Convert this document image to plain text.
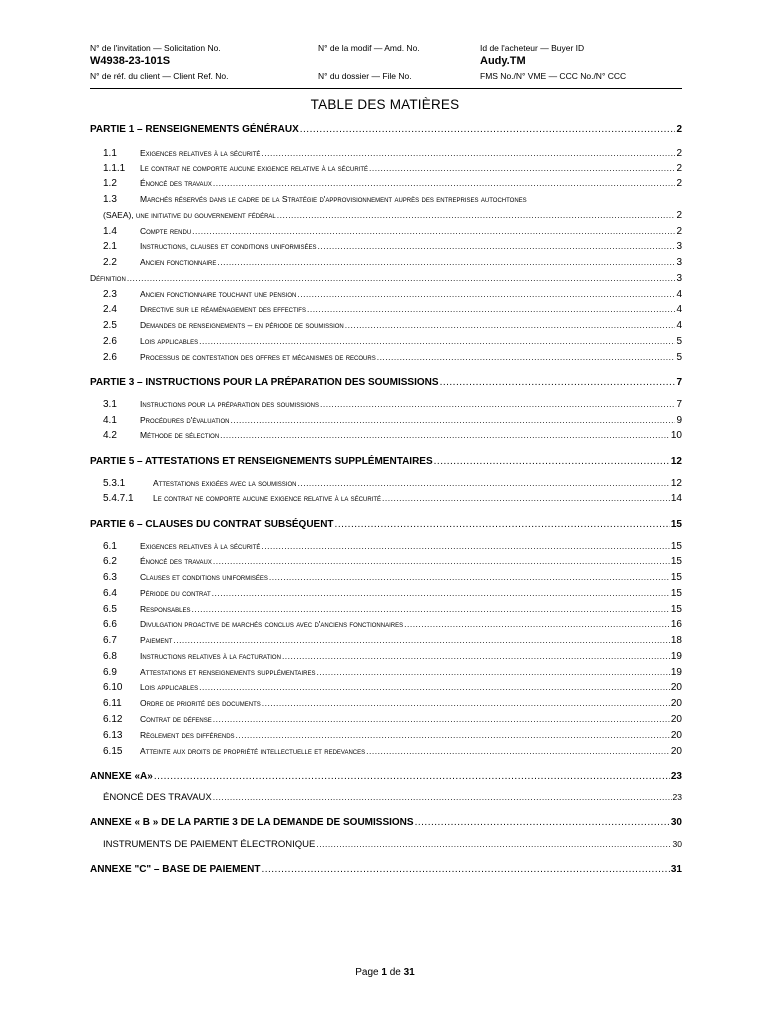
N° de l'invitation — Solicitation No.
W4938-23-101S
N° de réf. du client — Client Ref. No.
N° de la modif — Amd. No.
N° du dossier — File No.
Id de l'acheteur — Buyer ID
Audy.TM
FMS No./N° VME — CCC No./N° CCC
TABLE DES MATIÈRES
PARTIE 1 – RENSEIGNEMENTS GÉNÉRAUX .....	2
1.1	Exigences relatives à la sécurité .....	2
1.1.1	Le contrat ne comporte aucune exigence relative à la sécurité .....	2
1.2	Énoncé des travaux .....	2
1.3	Marchés réservés dans le cadre de la Stratégie d'approvisionnement auprès des entreprises autochtones
(SAEA), une initiative du gouvernement fédéral .....	2
1.4	Compte rendu .....	2
2.1	Instructions, clauses et conditions uniformisées .....	3
2.2	Ancien fonctionnaire .....	3
Définition .....	3
2.3	Ancien fonctionnaire touchant une pension .....	4
2.4	Directive sur le réaménagement des effectifs .....	4
2.5	Demandes de renseignements – en période de soumission .....	4
2.6	Lois applicables .....	5
2.6	Processus de contestation des offres et mécanismes de recours .....	5
PARTIE 3 – INSTRUCTIONS POUR LA PRÉPARATION DES SOUMISSIONS .....	7
3.1	Instructions pour la préparation des soumissions .....	7
4.1	Procédures d'évaluation .....	9
4.2	Méthode de sélection .....	10
PARTIE 5 – ATTESTATIONS ET RENSEIGNEMENTS SUPPLÉMENTAIRES .....	12
5.3.1	Attestations exigées avec la soumission .....	12
5.4.7.1	Le contrat ne comporte aucune exigence relative à la sécurité .....	14
PARTIE 6 – CLAUSES DU CONTRAT SUBSÉQUENT .....	15
6.1	Exigences relatives à la sécurité .....	15
6.2	Énoncé des travaux .....	15
6.3	Clauses et conditions uniformisées .....	15
6.4	Période du contrat .....	15
6.5	Responsables .....	15
6.6	Divulgation proactive de marchés conclus avec d'anciens fonctionnaires .....	16
6.7	Paiement .....	18
6.8	Instructions relatives à la facturation .....	19
6.9	Attestations et renseignements supplémentaires .....	19
6.10	Lois applicables .....	20
6.11	Ordre de priorité des documents .....	20
6.12	Contrat de défense .....	20
6.13	Règlement des différends .....	20
6.15	Atteinte aux droits de propriété intellectuelle et redevances .....	20
ANNEXE «A» .....	23
ÉNONCÉ DES TRAVAUX .....	23
ANNEXE « B » DE LA PARTIE 3 DE LA DEMANDE DE SOUMISSIONS .....	30
INSTRUMENTS DE PAIEMENT ÉLECTRONIQUE .....	30
ANNEXE "C" – BASE DE PAIEMENT .....	31
Page 1 de 31
